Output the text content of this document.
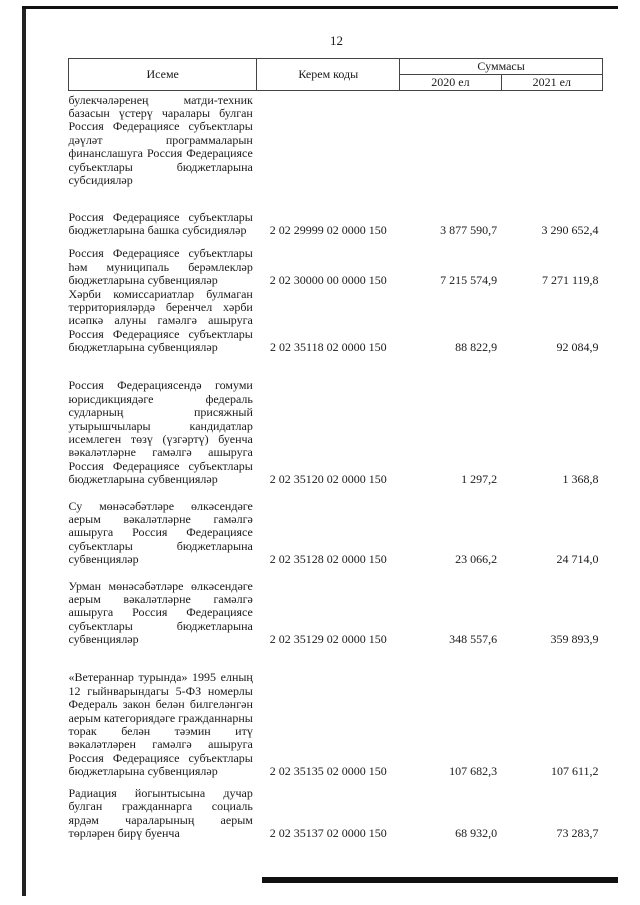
12
Исеме	Керем коды	Суммасы	
		2020 ел	2021 ел
булекчәләренең матди-техник базасын үстерү чаралары булган Россия Федерациясе субъектлары дәүләт программаларын финанслашуга Россия Федерациясе субъектлары бюджетларына субсидияләр			
Россия Федерациясе субъектлары бюджетларына башка субсидияләр	2 02 29999 02 0000 150	3 877 590,7	3 290 652,4
Россия Федерациясе субъектлары һәм муниципаль берәмлекләр бюджетларына субвенцияләр	2 02 30000 00 0000 150	7 215 574,9	7 271 119,8
Хәрби комиссариатлар булмаган территорияләрдә беренчел хәрби исәпкә алуны гамәлгә ашыруга Россия Федерациясе субъектлары бюджетларына субвенцияләр	2 02 35118 02 0000 150	88 822,9	92 084,9
Россия Федерациясендә гомуми юрисдикциядәге федераль судларның присяжный утырышчылары кандидатлар исемлеген төзү (үзгәртү) буенча вәкаләтләрне гамәлгә ашыруга Россия Федерациясе субъектлары бюджетларына субвенцияләр	2 02 35120 02 0000 150	1 297,2	1 368,8
Су мөнәсәбәтләре өлкәсендәге аерым вәкаләтләрне гамәлгә ашыруга Россия Федерациясе субъектлары бюджетларына субвенцияләр	2 02 35128 02 0000 150	23 066,2	24 714,0
Урман мөнәсәбәтләре өлкәсендәге аерым вәкаләтләрне гамәлгә ашыруга Россия Федерациясе субъектлары бюджетларына субвенцияләр	2 02 35129 02 0000 150	348 557,6	359 893,9
«Ветераннар турында» 1995 елның 12 гыйнварындагы 5-ФЗ номерлы Федераль закон белән билгеләнгән аерым категориядәге гражданнарны торак белән тәэмин итү вәкаләтләрен гамәлгә ашыруга Россия Федерациясе субъектлары бюджетларына субвенцияләр	2 02 35135 02 0000 150	107 682,3	107 611,2
Радиация йогынтысына дучар булган гражданнарга социаль ярдәм чараларының аерым төрләрен бирү буенча	2 02 35137 02 0000 150	68 932,0	73 283,7
